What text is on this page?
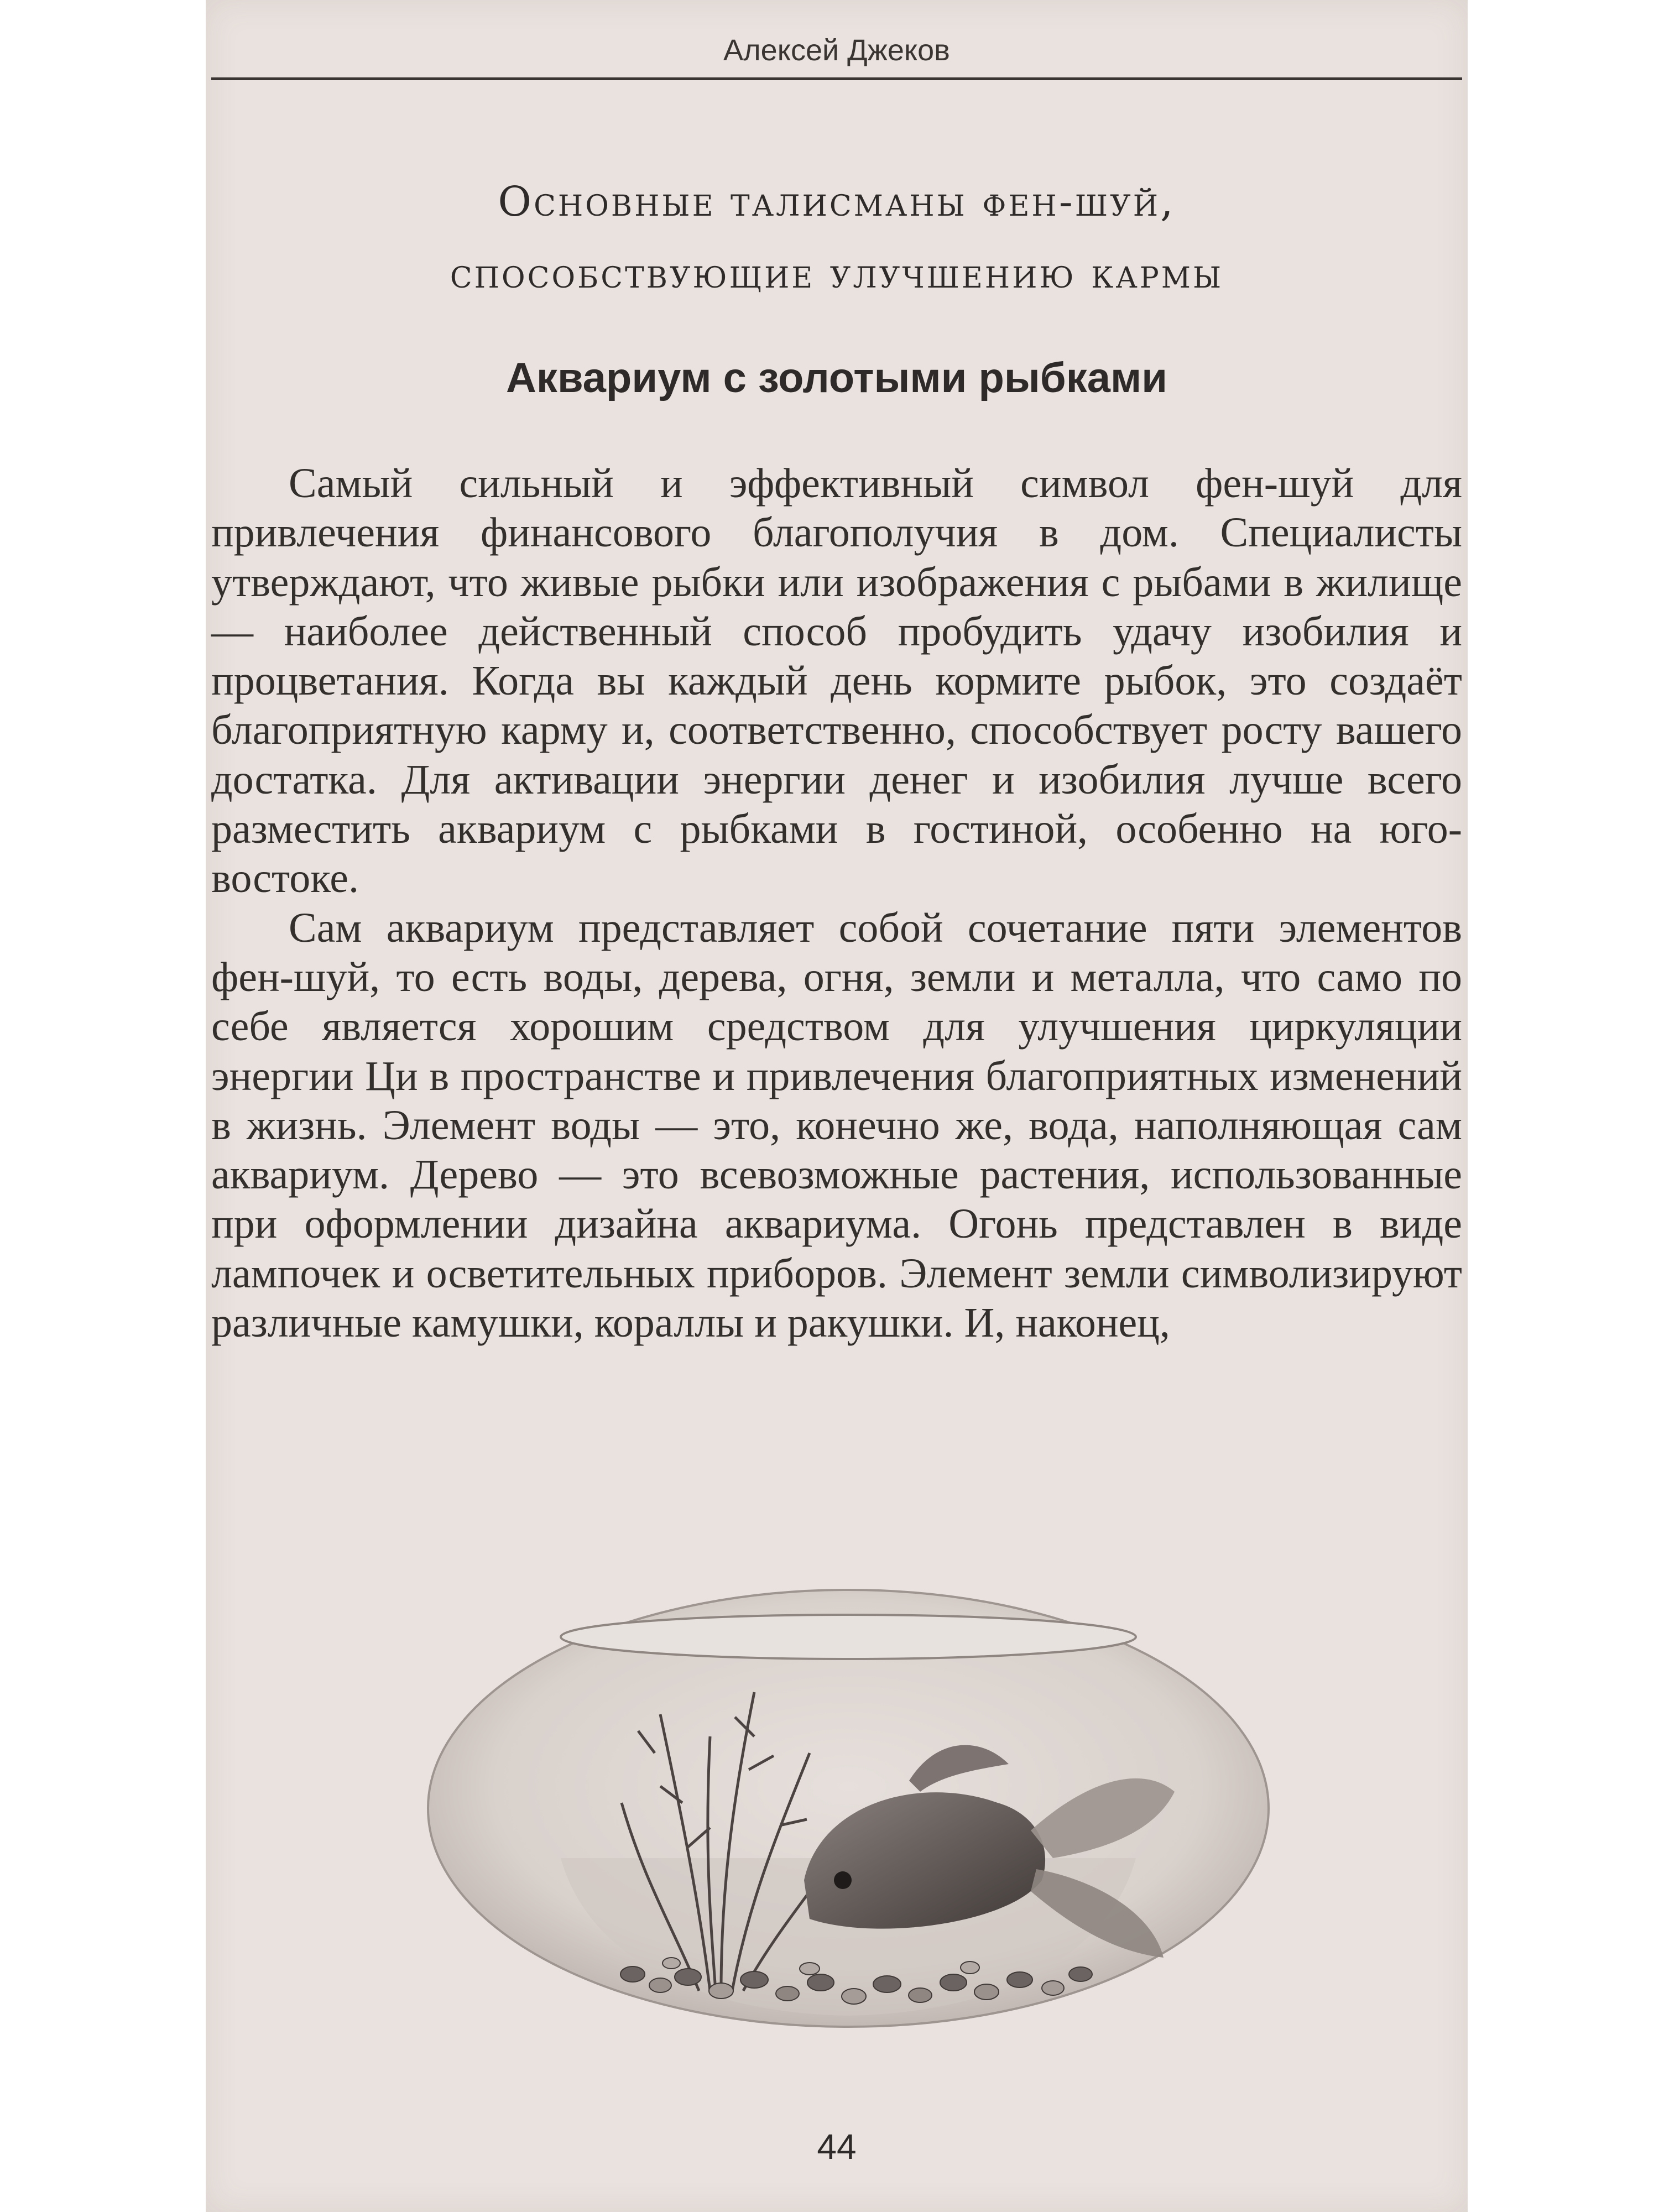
Алексей Джеков
Основные талисманы фен-шуй,
способствующие улучшению кармы
Аквариум с золотыми рыбками

Самый сильный и эффективный символ фен-шуй для привлечения финансового благополучия в дом. Специалисты утверждают, что живые рыбки или изображения с рыбами в жилище — наиболее действенный способ пробудить удачу изобилия и процветания. Когда вы каждый день кормите рыбок, это создаёт благоприятную карму и, соответственно, способствует росту вашего достатка. Для активации энергии денег и изобилия лучше всего разместить аквариум с рыбками в гостиной, особенно на юго-востоке.

Сам аквариум представляет собой сочетание пяти элементов фен-шуй, то есть воды, дерева, огня, земли и металла, что само по себе является хорошим средством для улучшения циркуляции энергии Ци в пространстве и привлечения благоприятных изменений в жизнь. Элемент воды — это, конечно же, вода, наполняющая сам аквариум. Дерево — это всевозможные растения, использованные при оформлении дизайна аквариума. Огонь представлен в виде лампочек и осветительных приборов. Элемент земли символизируют различные камушки, кораллы и ракушки. И, наконец,

44
